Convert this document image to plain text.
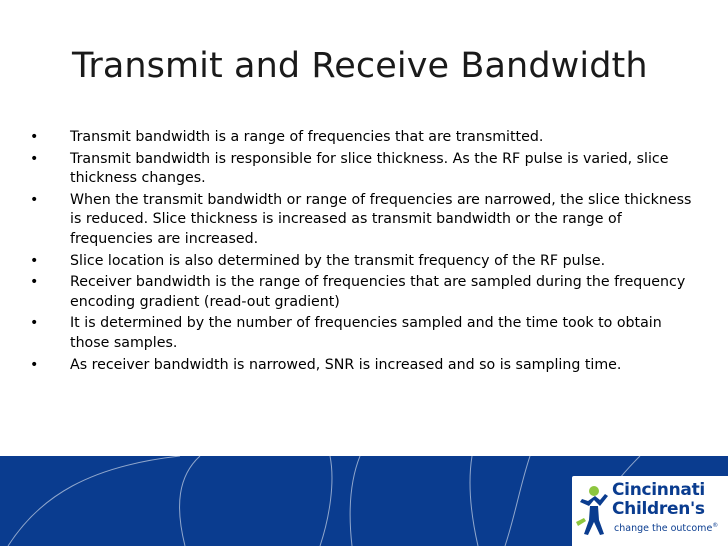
Transmit and Receive Bandwidth
•	Transmit bandwidth is a range of frequencies that are transmitted.
•	Transmit bandwidth is responsible for slice thickness. As the RF pulse is varied, slice thickness changes.
•	When the transmit bandwidth or range of frequencies are narrowed, the slice thickness is reduced. Slice thickness is increased as transmit bandwidth or the range of frequencies are increased.
•	Slice location is also determined by the transmit frequency of the RF pulse.
•	Receiver bandwidth is the range of frequencies that are sampled during the frequency encoding gradient (read-out gradient)
•	It is determined by the number of frequencies sampled and the time took to obtain those samples.
•	As receiver bandwidth is narrowed, SNR is increased and so is sampling time.
Cincinnati
Children's
change the outcome®
